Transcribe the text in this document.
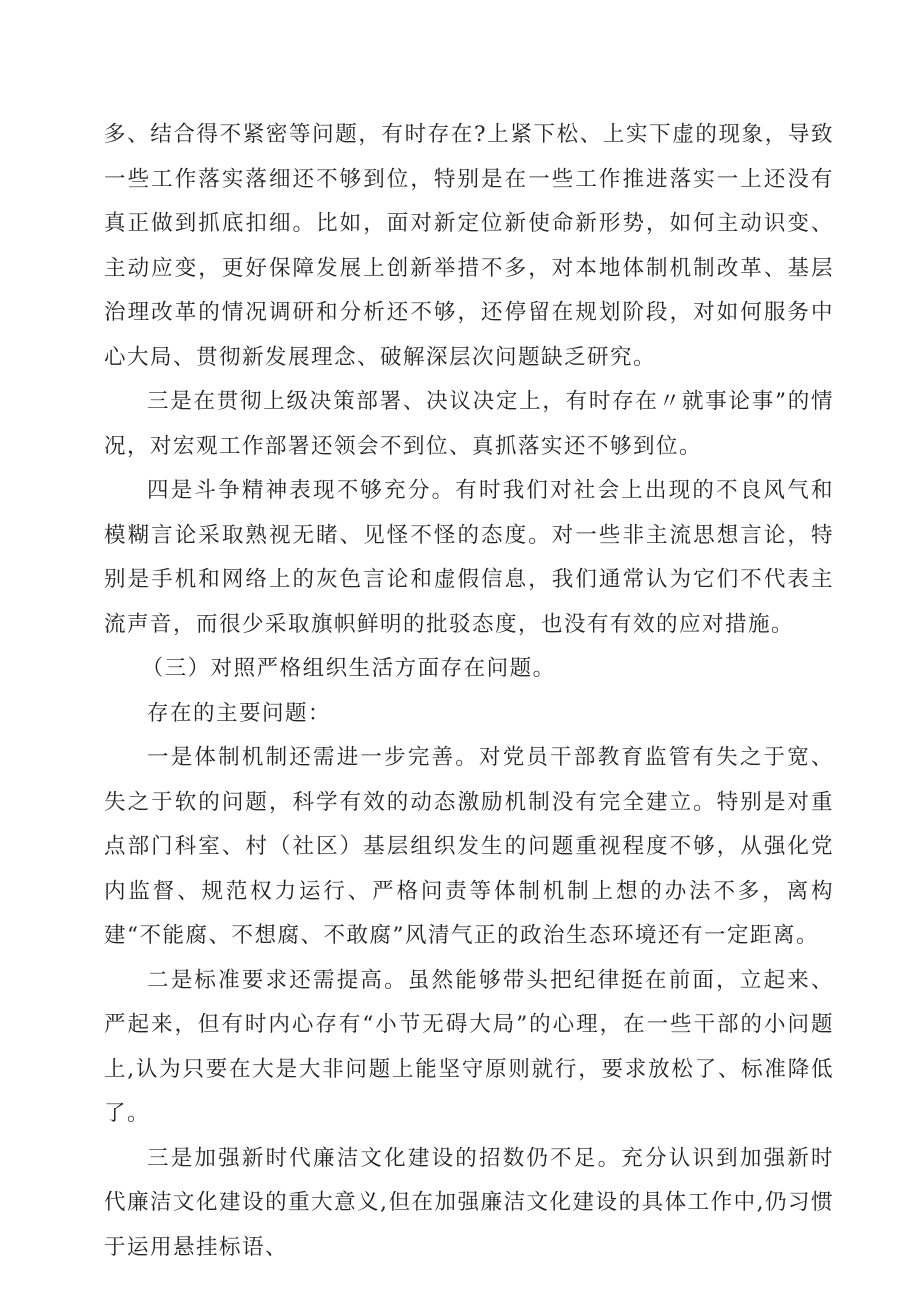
多、结合得不紧密等问题，有时存在?上紧下松、上实下虚的现象，导致一些工作落实落细还不够到位，特别是在一些工作推进落实一上还没有真正做到抓底扣细。比如，面对新定位新使命新形势，如何主动识变、主动应变，更好保障发展上创新举措不多，对本地体制机制改革、基层治理改革的情况调研和分析还不够，还停留在规划阶段，对如何服务中心大局、贯彻新发展理念、破解深层次问题缺乏研究。

三是在贯彻上级决策部署、决议决定上，有时存在〃就事论事”的情况，对宏观工作部署还领会不到位、真抓落实还不够到位。

四是斗争精神表现不够充分。有时我们对社会上出现的不良风气和模糊言论采取熟视无睹、见怪不怪的态度。对一些非主流思想言论，特别是手机和网络上的灰色言论和虚假信息，我们通常认为它们不代表主流声音，而很少采取旗帜鲜明的批驳态度，也没有有效的应对措施。

（三）对照严格组织生活方面存在问题。

存在的主要问题：

一是体制机制还需进一步完善。对党员干部教育监管有失之于宽、失之于软的问题，科学有效的动态激励机制没有完全建立。特别是对重点部门科室、村（社区）基层组织发生的问题重视程度不够，从强化党内监督、规范权力运行、严格问责等体制机制上想的办法不多，离构建“不能腐、不想腐、不敢腐”风清气正的政治生态环境还有一定距离。

二是标准要求还需提高。虽然能够带头把纪律挺在前面，立起来、严起来，但有时内心存有“小节无碍大局”的心理，在一些干部的小问题上,认为只要在大是大非问题上能坚守原则就行，要求放松了、标准降低了。

三是加强新时代廉洁文化建设的招数仍不足。充分认识到加强新时代廉洁文化建设的重大意义,但在加强廉洁文化建设的具体工作中,仍习惯于运用悬挂标语、
